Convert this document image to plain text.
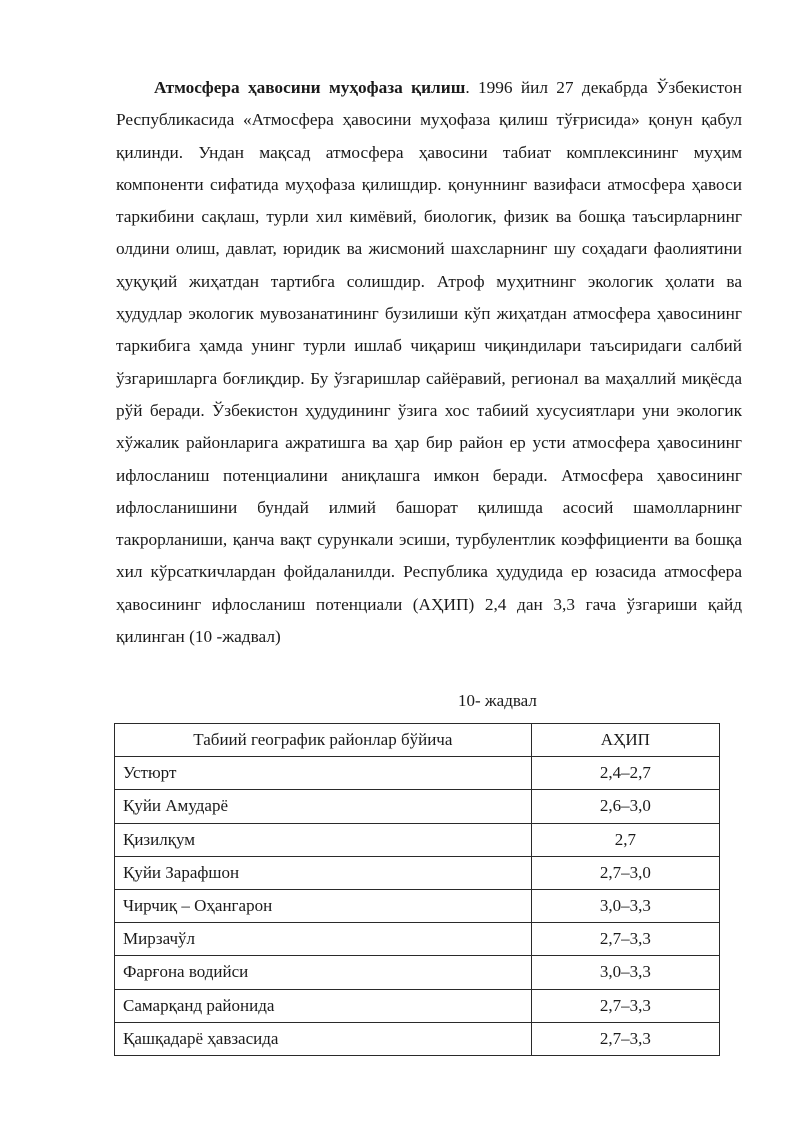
Атмосфера ҳавосини муҳофаза қилиш. 1996 йил 27 декабрда Ўзбекистон Республикасида «Атмосфера ҳавосини муҳофаза қилиш тўғрисида» қонун қабул қилинди. Ундан мақсад атмосфера ҳавосини табиат комплексининг муҳим компоненти сифатида муҳофаза қилишдир. қонуннинг вазифаси атмосфера ҳавоси таркибини сақлаш, турли хил кимёвий, биологик, физик ва бошқа таъсирларнинг олдини олиш, давлат, юридик ва жисмоний шахсларнинг шу соҳадаги фаолиятини ҳуқуқий жиҳатдан тартибга солишдир. Атроф муҳитнинг экологик ҳолати ва ҳудудлар экологик мувозанатининг бузилиши кўп жиҳатдан атмосфера ҳавосининг таркибига ҳамда унинг турли ишлаб чиқариш чиқиндилари таъсиридаги салбий ўзгаришларга боғлиқдир. Бу ўзгаришлар сайёравий, регионал ва маҳаллий миқёсда рўй беради. Ўзбекистон ҳудудининг ўзига хос табиий хусусиятлари уни экологик хўжалик районларига ажратишга ва ҳар бир район ер усти атмосфера ҳавосининг ифлосланиш потенциалини аниқлашга имкон беради. Атмосфера ҳавосининг ифлосланишини бундай илмий башорат қилишда асосий шамолларнинг такрорланиши, қанча вақт сурункали эсиши, турбулентлик коэффициенти ва бошқа хил кўрсаткичлардан фойдаланилди. Республика ҳудудида ер юзасида атмосфера ҳавосининг ифлосланиш потенциали (АҲИП) 2,4 дан 3,3 гача ўзгариши қайд қилинган (10 -жадвал)

10- жадвал

Табиий географик районлар бўйича	АҲИП
Устюрт	2,4–2,7
Қуйи Амударё	2,6–3,0
Қизилқум	2,7
Қуйи Зарафшон	2,7–3,0
Чирчиқ – Оҳангарон	3,0–3,3
Мирзачўл	2,7–3,3
Фарғона водийси	3,0–3,3
Самарқанд районида	2,7–3,3
Қашқадарё ҳавзасида	2,7–3,3
